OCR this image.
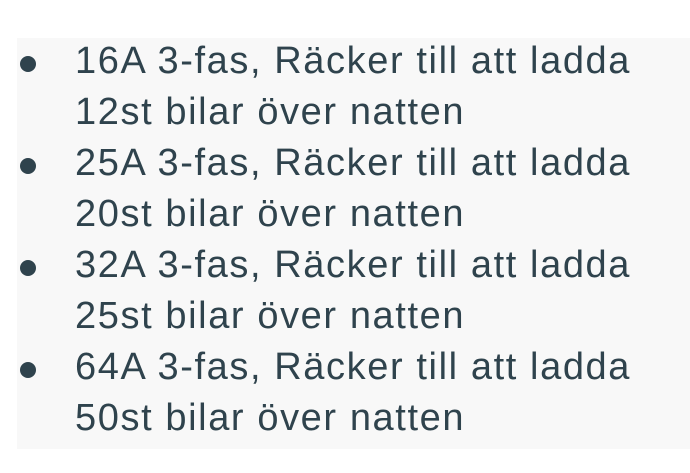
16A 3-fas, Räcker till att ladda
12st bilar över natten
25A 3-fas, Räcker till att ladda
20st bilar över natten
32A 3-fas, Räcker till att ladda
25st bilar över natten
64A 3-fas, Räcker till att ladda
50st bilar över natten
